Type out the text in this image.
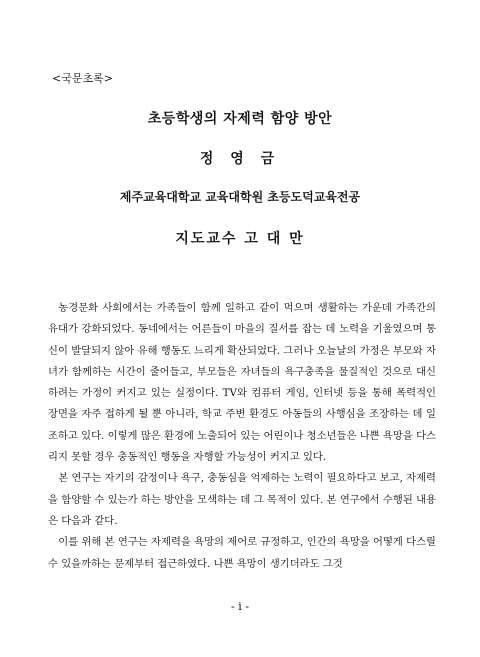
<국문초록>
초등학생의 자제력 함양 방안
정 영 금
제주교육대학교 교육대학원 초등도덕교육전공
지도교수 고 대 만

농경문화 사회에서는 가족들이 함께 일하고 같이 먹으며 생활하는 가운데 가족간의 유대가 강화되었다. 동네에서는 어른들이 마을의 질서를 잡는 데 노력을 기울였으며 통신이 발달되지 않아 유해 행동도 느리게 확산되었다. 그러나 오늘날의 가정은 부모와 자녀가 함께하는 시간이 줄어들고, 부모들은 자녀들의 욕구충족을 물질적인 것으로 대신하려는 가정이 커지고 있는 실정이다. TV와 컴퓨터 게임, 인터넷 등을 통해 폭력적인 장면을 자주 접하게 될 뿐 아니라, 학교 주변 환경도 아동들의 사행심을 조장하는 데 일조하고 있다. 이렇게 많은 환경에 노출되어 있는 어린이나 청소년들은 나쁜 욕망을 다스리지 못할 경우 충동적인 행동을 자행할 가능성이 커지고 있다.

본 연구는 자기의 감정이나 욕구, 충동심을 억제하는 노력이 필요하다고 보고, 자제력을 함양할 수 있는가 하는 방안을 모색하는 데 그 목적이 있다. 본 연구에서 수행된 내용은 다음과 같다.

이를 위해 본 연구는 자제력을 욕망의 제어로 규정하고, 인간의 욕망을 어떻게 다스릴 수 있을까하는 문제부터 접근하였다. 나쁜 욕망이 생기더라도 그것

- i -
